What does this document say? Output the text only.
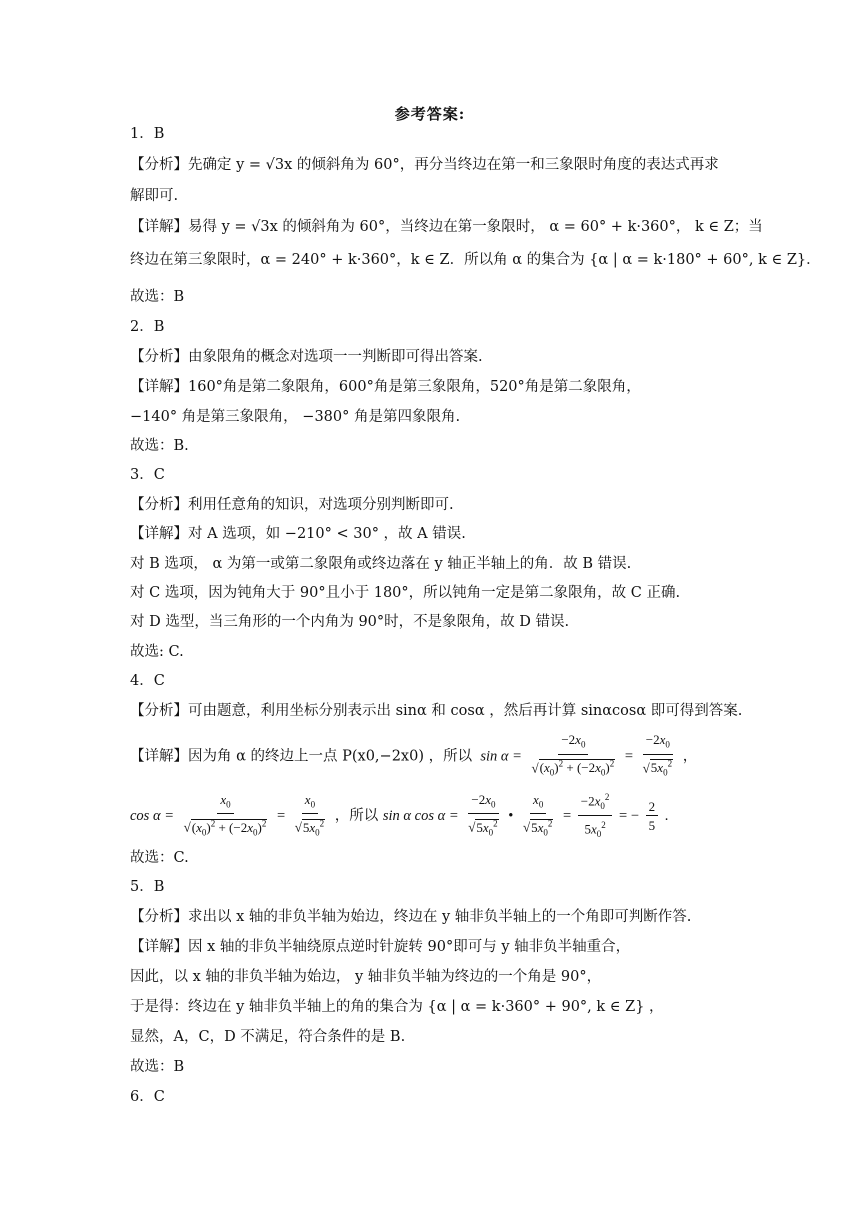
参考答案:
1．B
【分析】先确定 y = √3x 的倾斜角为 60°，再分当终边在第一和三象限时角度的表达式再求
解即可.
【详解】易得 y = √3x 的倾斜角为 60°，当终边在第一象限时， α = 60° + k·360°， k ∈ Z；当
终边在第三象限时，α = 240° + k·360°，k ∈ Z．所以角 α 的集合为 {α | α = k·180° + 60°, k ∈ Z}．
故选：B
2．B
【分析】由象限角的概念对选项一一判断即可得出答案.
【详解】160°角是第二象限角，600°角是第三象限角，520°角是第二象限角，
−140° 角是第三象限角， −380° 角是第四象限角.
故选：B.
3．C
【分析】利用任意角的知识，对选项分别判断即可.
【详解】对 A 选项，如 −210° < 30° ，故 A 错误.
对 B 选项， α 为第一或第二象限角或终边落在 y 轴正半轴上的角．故 B 错误.
对 C 选项，因为钝角大于 90°且小于 180°，所以钝角一定是第二象限角，故 C 正确.
对 D 选型，当三角形的一个内角为 90°时，不是象限角，故 D 错误.
故选: C.
4．C
【分析】可由题意，利用坐标分别表示出 sinα 和 cosα ，然后再计算 sinαcosα 即可得到答案.
【详解】因为角 α 的终边上一点 P(x0,−2x0) ，所以  $\sin \alpha = \frac{-2x_0}{√(x_0)^2 + (-2x_0)^2} = \frac{-2x_0}{√5x_0^2}$ ，
$\cos \alpha = \frac{x_0}{√(x_0)^2 + (-2x_0)^2} = \frac{x_0}{√5x_0^2}$ ，所以 sin α $\cos \alpha = \frac{-2x_0}{√5x_0^2}$ • $\frac{x_0}{√5x_0^2} = \frac{-2x_0^2}{5x_0^2}$ = − $\frac{2}{5}$ .
故选：C.
5．B
【分析】求出以 x 轴的非负半轴为始边，终边在 y 轴非负半轴上的一个角即可判断作答.
【详解】因 x 轴的非负半轴绕原点逆时针旋转 90°即可与 y 轴非负半轴重合，
因此，以 x 轴的非负半轴为始边， y 轴非负半轴为终边的一个角是 90°，
于是得：终边在 y 轴非负半轴上的角的集合为 {α | α = k·360° + 90°, k ∈ Z} ，
显然，A，C，D 不满足，符合条件的是 B.
故选：B
6．C
